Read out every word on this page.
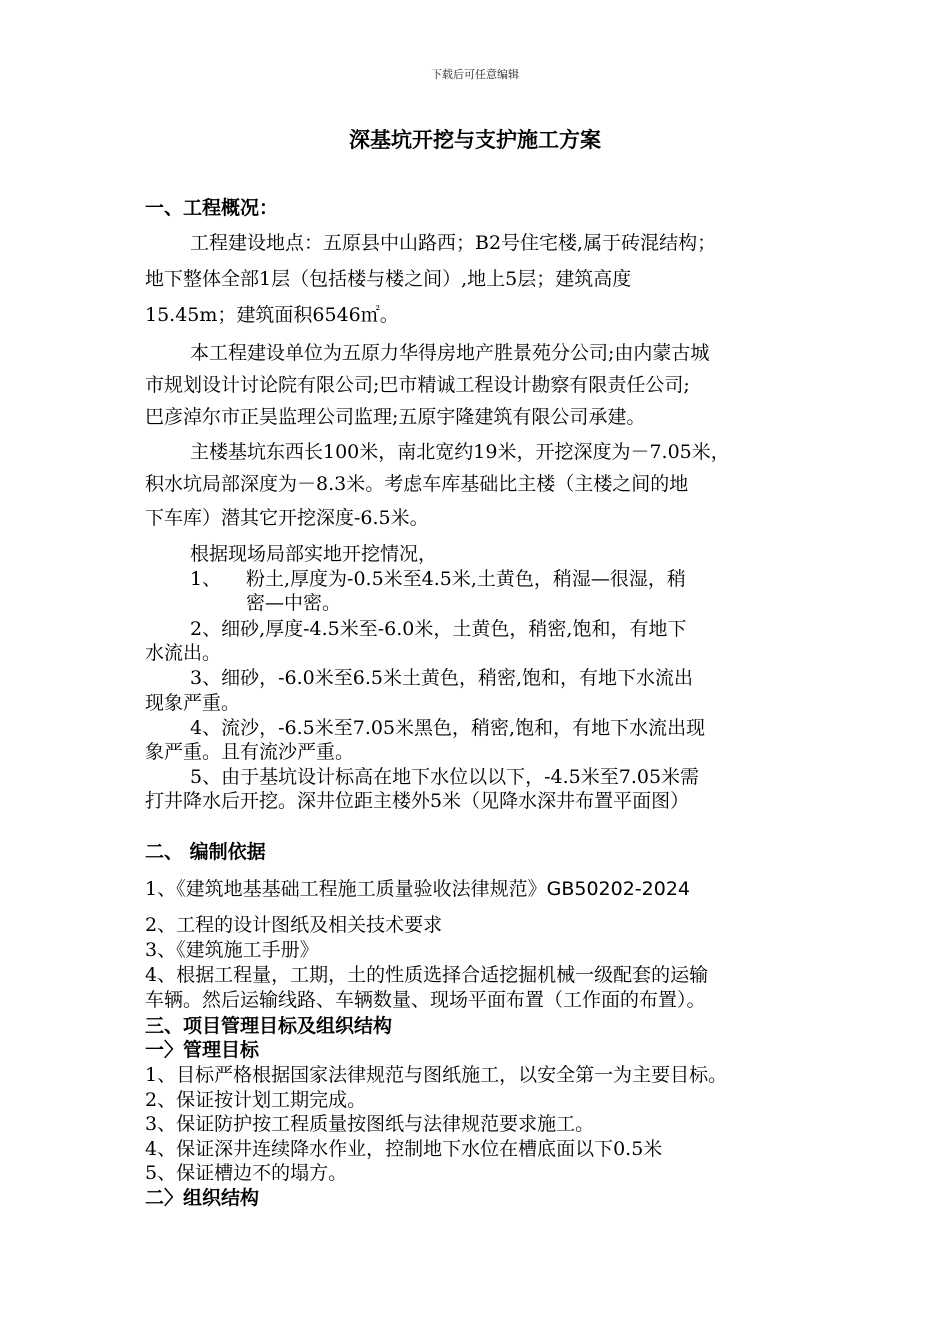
下载后可任意编辑
深基坑开挖与支护施工方案
一、工程概况：
工程建设地点：五原县中山路西；B2号住宅楼,属于砖混结构；
地下整体全部1层（包括楼与楼之间）,地上5层；建筑高度
15.45m；建筑面积6546㎡。
本工程建设单位为五原力华得房地产胜景苑分公司;由内蒙古城
市规划设计讨论院有限公司;巴市精诚工程设计勘察有限责任公司;
巴彦淖尔市正昊监理公司监理;五原宇隆建筑有限公司承建。
主楼基坑东西长100米，南北宽约19米，开挖深度为－7.05米，
积水坑局部深度为－8.3米。考虑车库基础比主楼（主楼之间的地
下车库）潜其它开挖深度-6.5米。
根据现场局部实地开挖情况，
1、 粉土,厚度为-0.5米至4.5米,土黄色，稍湿—很湿，稍
密—中密。
2、细砂,厚度-4.5米至-6.0米，土黄色，稍密,饱和，有地下
水流出。
3、细砂，-6.0米至6.5米土黄色，稍密,饱和，有地下水流出
现象严重。
4、流沙，-6.5米至7.05米黑色，稍密,饱和，有地下水流出现
象严重。且有流沙严重。
5、由于基坑设计标高在地下水位以以下，-4.5米至7.05米需
打井降水后开挖。深井位距主楼外5米（见降水深井布置平面图）
二、 编制依据
1、《建筑地基基础工程施工质量验收法律规范》GB50202-2024
2、工程的设计图纸及相关技术要求
3、《建筑施工手册》
4、根据工程量，工期，土的性质选择合适挖掘机械一级配套的运输
车辆。然后运输线路、车辆数量、现场平面布置（工作面的布置）。
三、项目管理目标及组织结构
一〉管理目标
1、目标严格根据国家法律规范与图纸施工，以安全第一为主要目标。
2、保证按计划工期完成。
3、保证防护按工程质量按图纸与法律规范要求施工。
4、保证深井连续降水作业，控制地下水位在槽底面以下0.5米
5、保证槽边不的塌方。
二〉组织结构
